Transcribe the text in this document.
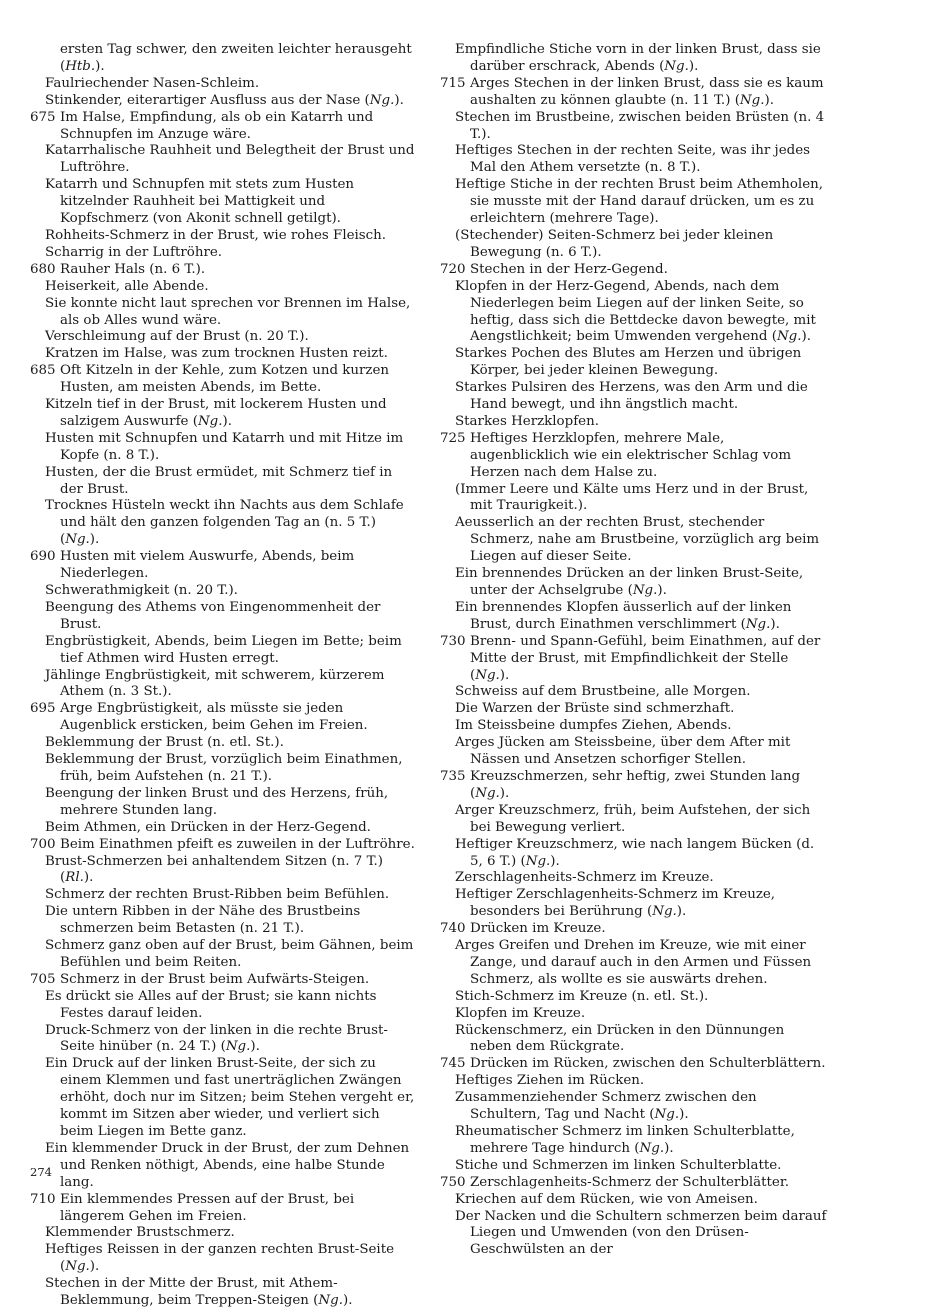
ersten Tag schwer, den zweiten leichter herausgeht (Htb.).

Faulriechender Nasen-Schleim.

Stinkender, eiterartiger Ausfluss aus der Nase (Ng.).

675 Im Halse, Empfindung, als ob ein Katarrh und Schnupfen im Anzuge wäre.

Katarrhalische Rauhheit und Belegtheit der Brust und Luftröhre.

Katarrh und Schnupfen mit stets zum Husten kitzelnder Rauhheit bei Mattigkeit und Kopfschmerz (von Akonit schnell getilgt).

Rohheits-Schmerz in der Brust, wie rohes Fleisch.

Scharrig in der Luftröhre.

680 Rauher Hals (n. 6 T.).

Heiserkeit, alle Abende.

Sie konnte nicht laut sprechen vor Brennen im Halse, als ob Alles wund wäre.

Verschleimung auf der Brust (n. 20 T.).

Kratzen im Halse, was zum trocknen Husten reizt.

685 Oft Kitzeln in der Kehle, zum Kotzen und kurzen Husten, am meisten Abends, im Bette.

Kitzeln tief in der Brust, mit lockerem Husten und salzigem Auswurfe (Ng.).

Husten mit Schnupfen und Katarrh und mit Hitze im Kopfe (n. 8 T.).

Husten, der die Brust ermüdet, mit Schmerz tief in der Brust.

Trocknes Hüsteln weckt ihn Nachts aus dem Schlafe und hält den ganzen folgenden Tag an (n. 5 T.) (Ng.).

690 Husten mit vielem Auswurfe, Abends, beim Niederlegen.

Schwerathmigkeit (n. 20 T.).

Beengung des Athems von Eingenommenheit der Brust.

Engbrüstigkeit, Abends, beim Liegen im Bette; beim tief Athmen wird Husten erregt.

Jählinge Engbrüstigkeit, mit schwerem, kürzerem Athem (n. 3 St.).

695 Arge Engbrüstigkeit, als müsste sie jeden Augenblick ersticken, beim Gehen im Freien.

Beklemmung der Brust (n. etl. St.).

Beklemmung der Brust, vorzüglich beim Einathmen, früh, beim Aufstehen (n. 21 T.).

Beengung der linken Brust und des Herzens, früh, mehrere Stunden lang.

Beim Athmen, ein Drücken in der Herz-Gegend.

700 Beim Einathmen pfeift es zuweilen in der Luftröhre.

Brust-Schmerzen bei anhaltendem Sitzen (n. 7 T.) (Rl.).

Schmerz der rechten Brust-Ribben beim Befühlen.

Die untern Ribben in der Nähe des Brustbeins schmerzen beim Betasten (n. 21 T.).

Schmerz ganz oben auf der Brust, beim Gähnen, beim Befühlen und beim Reiten.

705 Schmerz in der Brust beim Aufwärts-Steigen.

Es drückt sie Alles auf der Brust; sie kann nichts Festes darauf leiden.

Druck-Schmerz von der linken in die rechte Brust-Seite hinüber (n. 24 T.) (Ng.).

Ein Druck auf der linken Brust-Seite, der sich zu einem Klemmen und fast unerträglichen Zwängen erhöht, doch nur im Sitzen; beim Stehen vergeht er, kommt im Sitzen aber wieder, und verliert sich beim Liegen im Bette ganz.

Ein klemmender Druck in der Brust, der zum Dehnen und Renken nöthigt, Abends, eine halbe Stunde lang.

710 Ein klemmendes Pressen auf der Brust, bei längerem Gehen im Freien.

Klemmender Brustschmerz.

Heftiges Reissen in der ganzen rechten Brust-Seite (Ng.).

Stechen in der Mitte der Brust, mit Athem-Beklemmung, beim Treppen-Steigen (Ng.).

Empfindliche Stiche vorn in der linken Brust, dass sie darüber erschrack, Abends (Ng.).

715 Arges Stechen in der linken Brust, dass sie es kaum aushalten zu können glaubte (n. 11 T.) (Ng.).

Stechen im Brustbeine, zwischen beiden Brüsten (n. 4 T.).

Heftiges Stechen in der rechten Seite, was ihr jedes Mal den Athem versetzte (n. 8 T.).

Heftige Stiche in der rechten Brust beim Athemholen, sie musste mit der Hand darauf drücken, um es zu erleichtern (mehrere Tage).

(Stechender) Seiten-Schmerz bei jeder kleinen Bewegung (n. 6 T.).

720 Stechen in der Herz-Gegend.

Klopfen in der Herz-Gegend, Abends, nach dem Niederlegen beim Liegen auf der linken Seite, so heftig, dass sich die Bettdecke davon bewegte, mit Aengstlichkeit; beim Umwenden vergehend (Ng.).

Starkes Pochen des Blutes am Herzen und übrigen Körper, bei jeder kleinen Bewegung.

Starkes Pulsiren des Herzens, was den Arm und die Hand bewegt, und ihn ängstlich macht.

Starkes Herzklopfen.

725 Heftiges Herzklopfen, mehrere Male, augenblicklich wie ein elektrischer Schlag vom Herzen nach dem Halse zu.

(Immer Leere und Kälte ums Herz und in der Brust, mit Traurigkeit.).

Aeusserlich an der rechten Brust, stechender Schmerz, nahe am Brustbeine, vorzüglich arg beim Liegen auf dieser Seite.

Ein brennendes Drücken an der linken Brust-Seite, unter der Achselgrube (Ng.).

Ein brennendes Klopfen äusserlich auf der linken Brust, durch Einathmen verschlimmert (Ng.).

730 Brenn- und Spann-Gefühl, beim Einathmen, auf der Mitte der Brust, mit Empfindlichkeit der Stelle (Ng.).

Schweiss auf dem Brustbeine, alle Morgen.

Die Warzen der Brüste sind schmerzhaft.

Im Steissbeine dumpfes Ziehen, Abends.

Arges Jücken am Steissbeine, über dem After mit Nässen und Ansetzen schorfiger Stellen.

735 Kreuzschmerzen, sehr heftig, zwei Stunden lang (Ng.).

Arger Kreuzschmerz, früh, beim Aufstehen, der sich bei Bewegung verliert.

Heftiger Kreuzschmerz, wie nach langem Bücken (d. 5, 6 T.) (Ng.).

Zerschlagenheits-Schmerz im Kreuze.

Heftiger Zerschlagenheits-Schmerz im Kreuze, besonders bei Berührung (Ng.).

740 Drücken im Kreuze.

Arges Greifen und Drehen im Kreuze, wie mit einer Zange, und darauf auch in den Armen und Füssen Schmerz, als wollte es sie auswärts drehen.

Stich-Schmerz im Kreuze (n. etl. St.).

Klopfen im Kreuze.

Rückenschmerz, ein Drücken in den Dünnungen neben dem Rückgrate.

745 Drücken im Rücken, zwischen den Schulterblättern.

Heftiges Ziehen im Rücken.

Zusammenziehender Schmerz zwischen den Schultern, Tag und Nacht (Ng.).

Rheumatischer Schmerz im linken Schulterblatte, mehrere Tage hindurch (Ng.).

Stiche und Schmerzen im linken Schulterblatte.

750 Zerschlagenheits-Schmerz der Schulterblätter.

Kriechen auf dem Rücken, wie von Ameisen.

Der Nacken und die Schultern schmerzen beim darauf Liegen und Umwenden (von den Drüsen-Geschwülsten an der

274
